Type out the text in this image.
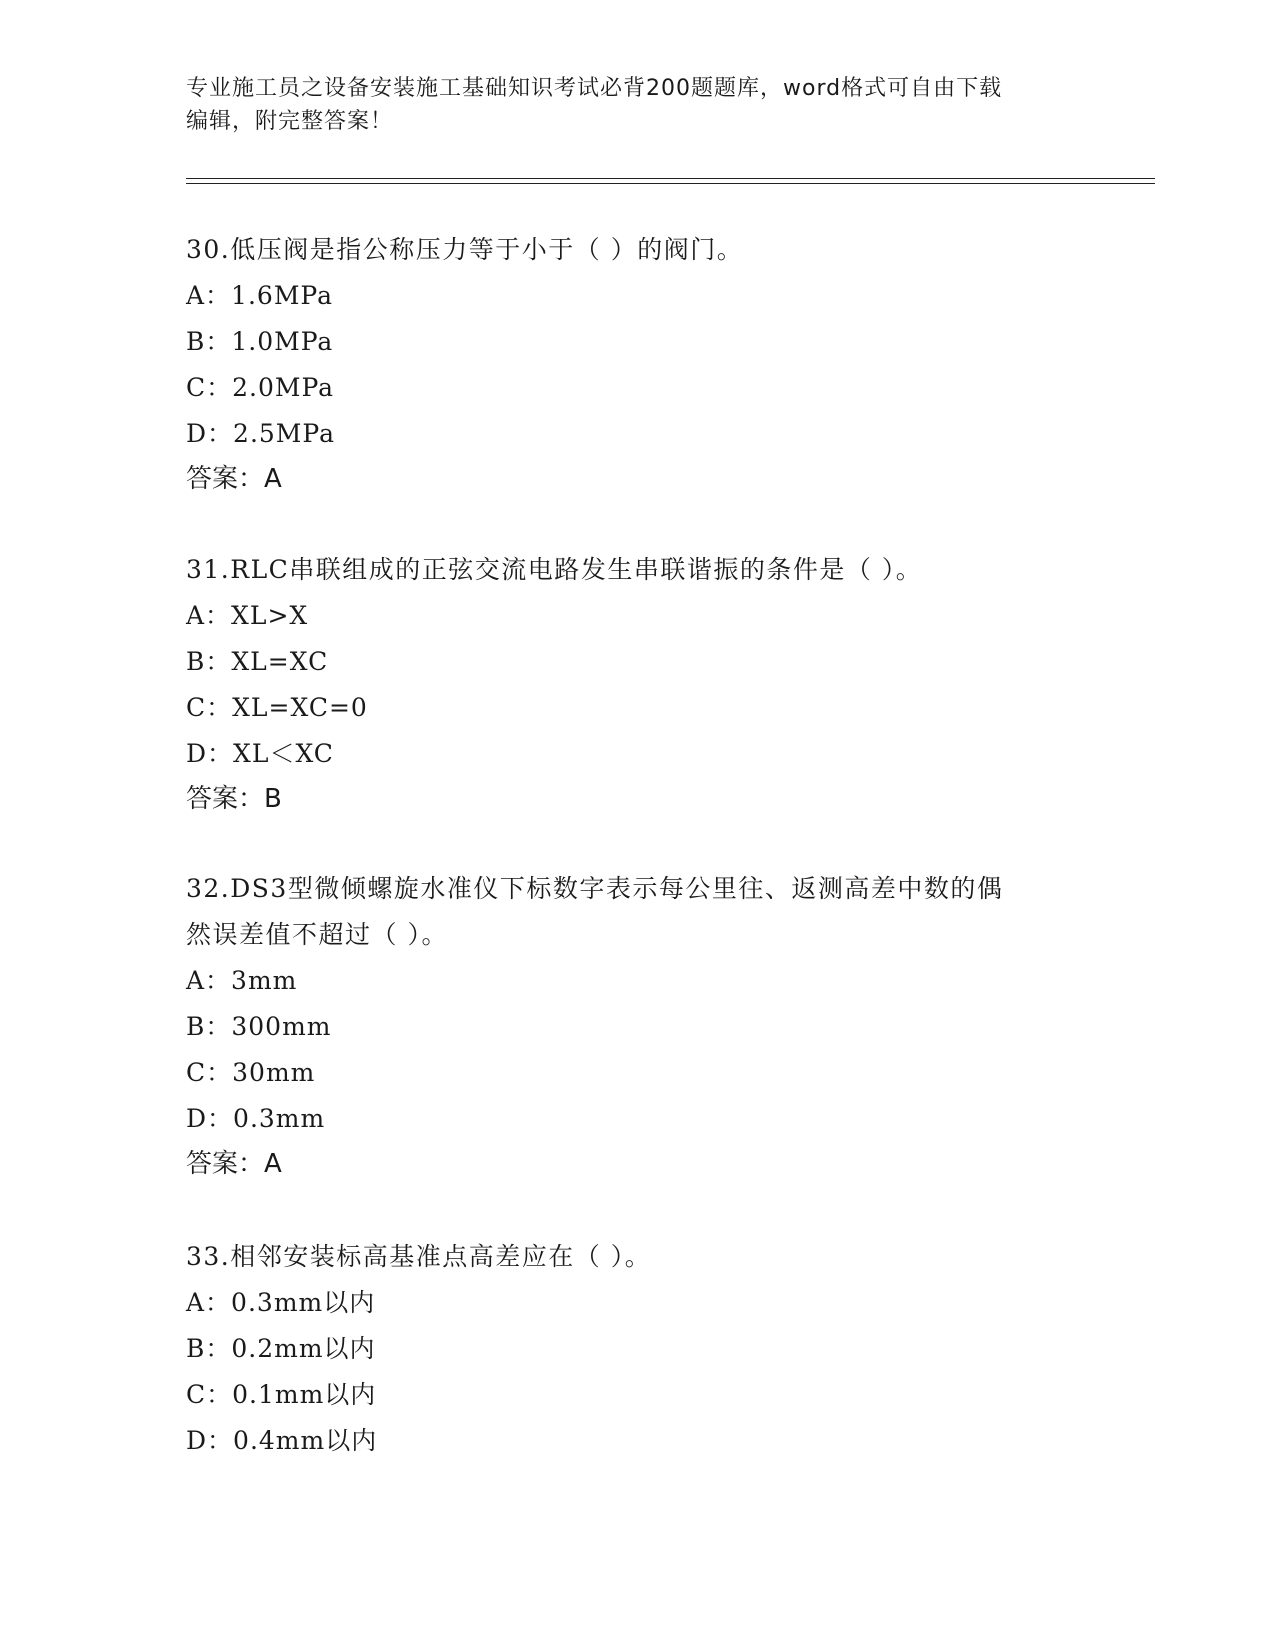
专业施工员之设备安装施工基础知识考试必背200题题库，word格式可自由下载
编辑，附完整答案！

30.低压阀是指公称压力等于小于（ ）的阀门。

A：1.6MPa

B：1.0MPa

C：2.0MPa

D：2.5MPa

答案：A

31.RLC串联组成的正弦交流电路发生串联谐振的条件是（ ）。

A：XL>X

B：XL=XC

C：XL=XC=0

D：XL＜XC

答案：B

32.DS3型微倾螺旋水准仪下标数字表示每公里往、返测高差中数的偶

然误差值不超过（ ）。

A：3mm

B：300mm

C：30mm

D：0.3mm

答案：A

33.相邻安装标高基准点高差应在（ ）。

A：0.3mm以内

B：0.2mm以内

C：0.1mm以内

D：0.4mm以内
